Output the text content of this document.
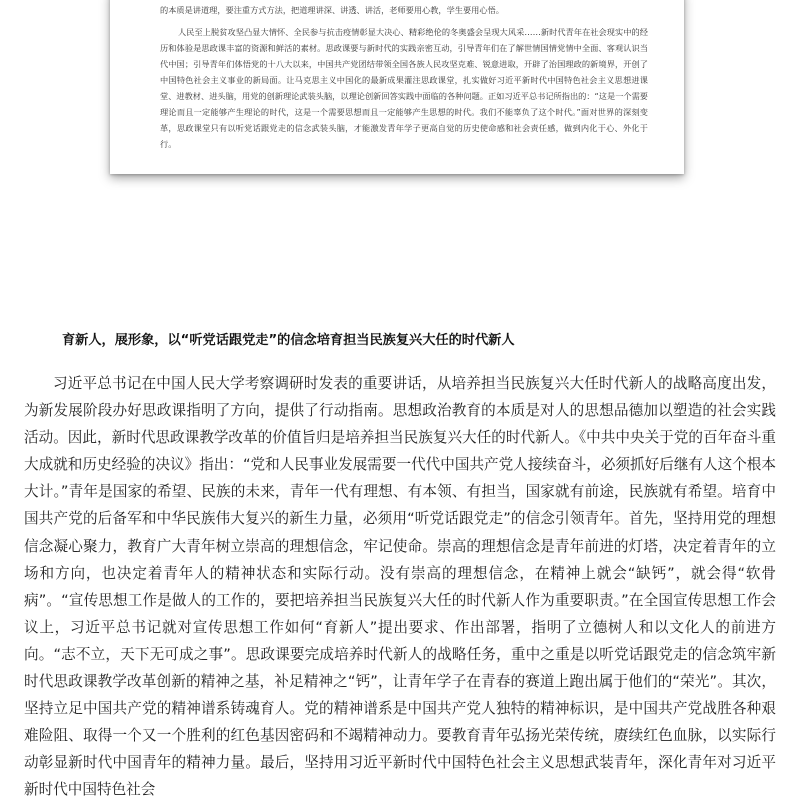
的本质是讲道理，要注重方式方法，把道理讲深、讲透、讲活，老师要用心教，学生要用心悟。

人民至上脱贫攻坚凸显大情怀、全民参与抗击疫情彰显大决心、精彩绝伦的冬奥盛会呈现大风采……新时代青年在社会现实中的经历和体验是思政课丰富的资源和鲜活的素材。思政课要与新时代的实践亲密互动，引导青年们在了解世情国情党情中全面、客观认识当代中国；引导青年们体悟党的十八大以来，中国共产党团结带领全国各族人民攻坚克难、锐意进取，开辟了治国理政的新境界，开创了中国特色社会主义事业的新局面。让马克思主义中国化的最新成果灌注思政课堂，扎实做好习近平新时代中国特色社会主义思想进课堂、进教材、进头脑，用党的创新理论武装头脑，以理论创新回答实践中面临的各种问题。正如习近平总书记所指出的：“这是一个需要理论而且一定能够产生理论的时代，这是一个需要思想而且一定能够产生思想的时代。我们不能辜负了这个时代。”面对世界的深刻变革，思政课堂只有以听党话跟党走的信念武装头脑，才能激发青年学子更高自觉的历史使命感和社会责任感，做到内化于心、外化于行。

育新人，展形象，以“听党话跟党走”的信念培育担当民族复兴大任的时代新人

习近平总书记在中国人民大学考察调研时发表的重要讲话，从培养担当民族复兴大任时代新人的战略高度出发，为新发展阶段办好思政课指明了方向，提供了行动指南。思想政治教育的本质是对人的思想品德加以塑造的社会实践活动。因此，新时代思政课教学改革的价值旨归是培养担当民族复兴大任的时代新人。《中共中央关于党的百年奋斗重大成就和历史经验的决议》指出：“党和人民事业发展需要一代代中国共产党人接续奋斗，必须抓好后继有人这个根本大计。”青年是国家的希望、民族的未来，青年一代有理想、有本领、有担当，国家就有前途，民族就有希望。培育中国共产党的后备军和中华民族伟大复兴的新生力量，必须用“听党话跟党走”的信念引领青年。首先，坚持用党的理想信念凝心聚力，教育广大青年树立崇高的理想信念，牢记使命。崇高的理想信念是青年前进的灯塔，决定着青年的立场和方向，也决定着青年人的精神状态和实际行动。没有崇高的理想信念，在精神上就会“缺钙”，就会得“软骨病”。“宣传思想工作是做人的工作的，要把培养担当民族复兴大任的时代新人作为重要职责。”在全国宣传思想工作会议上，习近平总书记就对宣传思想工作如何“育新人”提出要求、作出部署，指明了立德树人和以文化人的前进方向。“志不立，天下无可成之事”。思政课要完成培养时代新人的战略任务，重中之重是以听党话跟党走的信念筑牢新时代思政课教学改革创新的精神之基，补足精神之“钙”，让青年学子在青春的赛道上跑出属于他们的“荣光”。其次，坚持立足中国共产党的精神谱系铸魂育人。党的精神谱系是中国共产党人独特的精神标识，是中国共产党战胜各种艰难险阻、取得一个又一个胜利的红色基因密码和不竭精神动力。要教育青年弘扬光荣传统，赓续红色血脉，以实际行动彰显新时代中国青年的精神力量。最后，坚持用习近平新时代中国特色社会主义思想武装青年，深化青年对习近平新时代中国特色社会
